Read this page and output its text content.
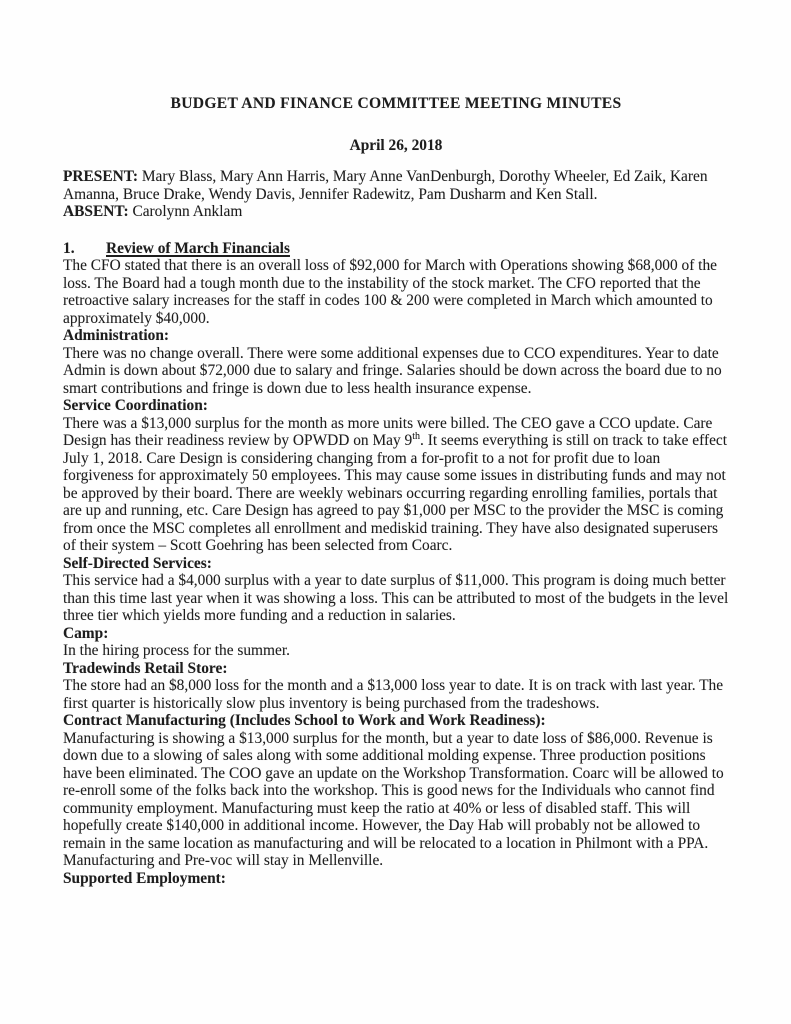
BUDGET AND FINANCE COMMITTEE MEETING MINUTES

April 26, 2018

PRESENT: Mary Blass, Mary Ann Harris, Mary Anne VanDenburgh, Dorothy Wheeler, Ed Zaik, Karen Amanna, Bruce Drake, Wendy Davis, Jennifer Radewitz, Pam Dusharm and Ken Stall.

ABSENT: Carolynn Anklam

1. Review of March Financials

The CFO stated that there is an overall loss of $92,000 for March with Operations showing $68,000 of the loss. The Board had a tough month due to the instability of the stock market. The CFO reported that the retroactive salary increases for the staff in codes 100 & 200 were completed in March which amounted to approximately $40,000.

Administration:

There was no change overall. There were some additional expenses due to CCO expenditures. Year to date Admin is down about $72,000 due to salary and fringe. Salaries should be down across the board due to no smart contributions and fringe is down due to less health insurance expense.

Service Coordination:

There was a $13,000 surplus for the month as more units were billed. The CEO gave a CCO update. Care Design has their readiness review by OPWDD on May 9th. It seems everything is still on track to take effect July 1, 2018. Care Design is considering changing from a for-profit to a not for profit due to loan forgiveness for approximately 50 employees. This may cause some issues in distributing funds and may not be approved by their board. There are weekly webinars occurring regarding enrolling families, portals that are up and running, etc. Care Design has agreed to pay $1,000 per MSC to the provider the MSC is coming from once the MSC completes all enrollment and mediskid training. They have also designated superusers of their system – Scott Goehring has been selected from Coarc.

Self-Directed Services:

This service had a $4,000 surplus with a year to date surplus of $11,000. This program is doing much better than this time last year when it was showing a loss. This can be attributed to most of the budgets in the level three tier which yields more funding and a reduction in salaries.

Camp:

In the hiring process for the summer.

Tradewinds Retail Store:

The store had an $8,000 loss for the month and a $13,000 loss year to date. It is on track with last year. The first quarter is historically slow plus inventory is being purchased from the tradeshows.

Contract Manufacturing (Includes School to Work and Work Readiness):

Manufacturing is showing a $13,000 surplus for the month, but a year to date loss of $86,000. Revenue is down due to a slowing of sales along with some additional molding expense. Three production positions have been eliminated. The COO gave an update on the Workshop Transformation. Coarc will be allowed to re-enroll some of the folks back into the workshop. This is good news for the Individuals who cannot find community employment. Manufacturing must keep the ratio at 40% or less of disabled staff. This will hopefully create $140,000 in additional income. However, the Day Hab will probably not be allowed to remain in the same location as manufacturing and will be relocated to a location in Philmont with a PPA. Manufacturing and Pre-voc will stay in Mellenville.

Supported Employment:
